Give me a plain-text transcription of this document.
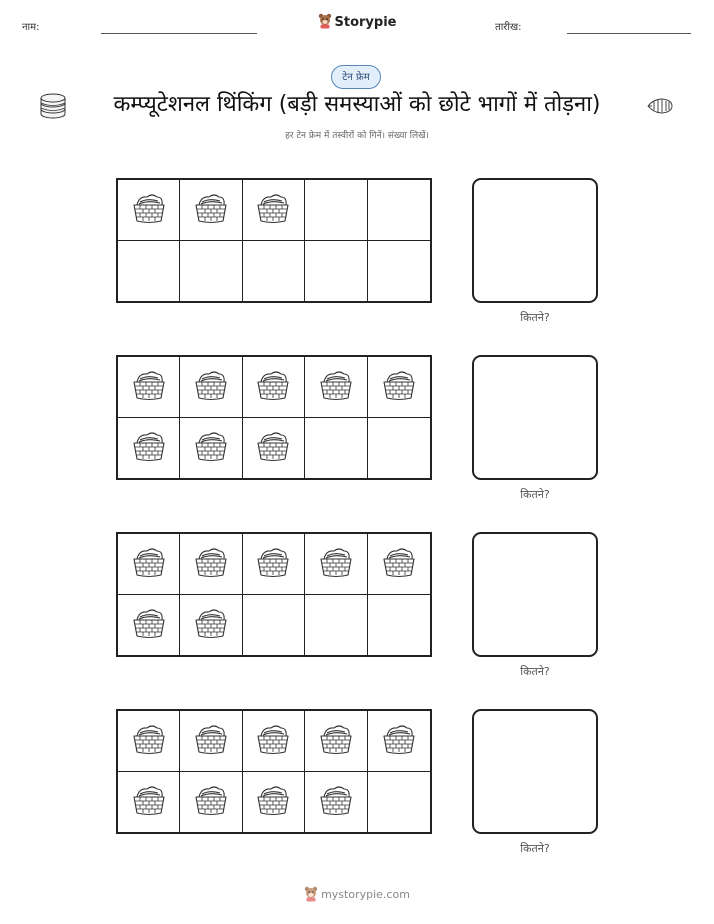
नाम:	Storypie	तारीख:
टेन फ्रेम
कम्प्यूटेशनल थिंकिंग (बड़ी समस्याओं को छोटे भागों में तोड़ना)
हर टेन फ्रेम में तस्वीरों को गिनें। संख्या लिखें।
कितने?
कितने?
कितने?
कितने?
mystorypie.com
